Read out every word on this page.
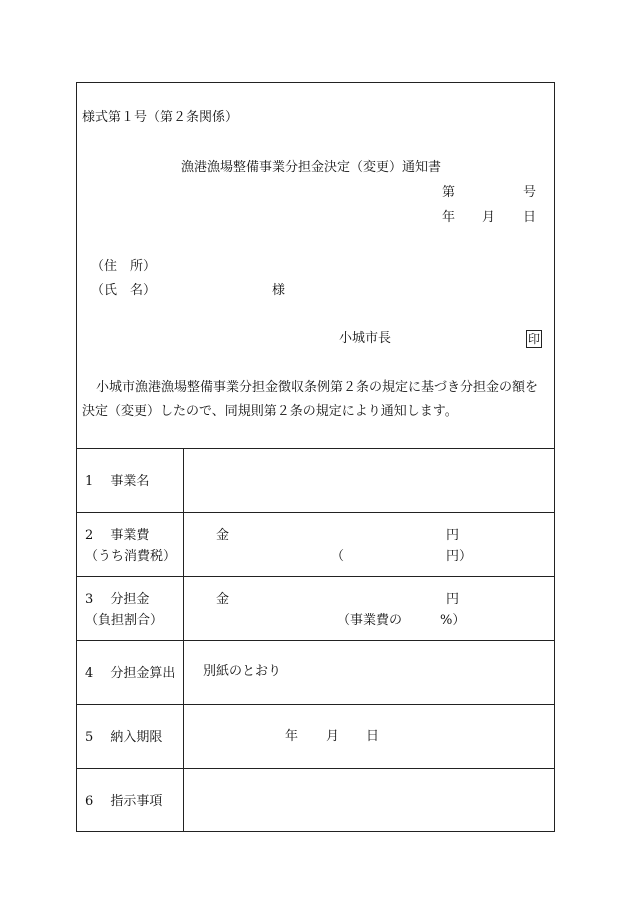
様式第１号（第２条関係）
漁港漁場整備事業分担金決定（変更）通知書
第	号
年 月 日
（住　所）
（氏　名）	様
小城市長	印
小城市漁港漁場整備事業分担金徴収条例第２条の規定に基づき分担金の額を
決定（変更）したので、同規則第２条の規定により通知します。
1　 事業名
2　 事業費
（うち消費税）
金	円
（	円）
3　 分担金
（負担割合）
金	円
（事業費の	%）
4　 分担金算出 別紙のとおり
5　 納入期限	年 月 日
6　 指示事項
